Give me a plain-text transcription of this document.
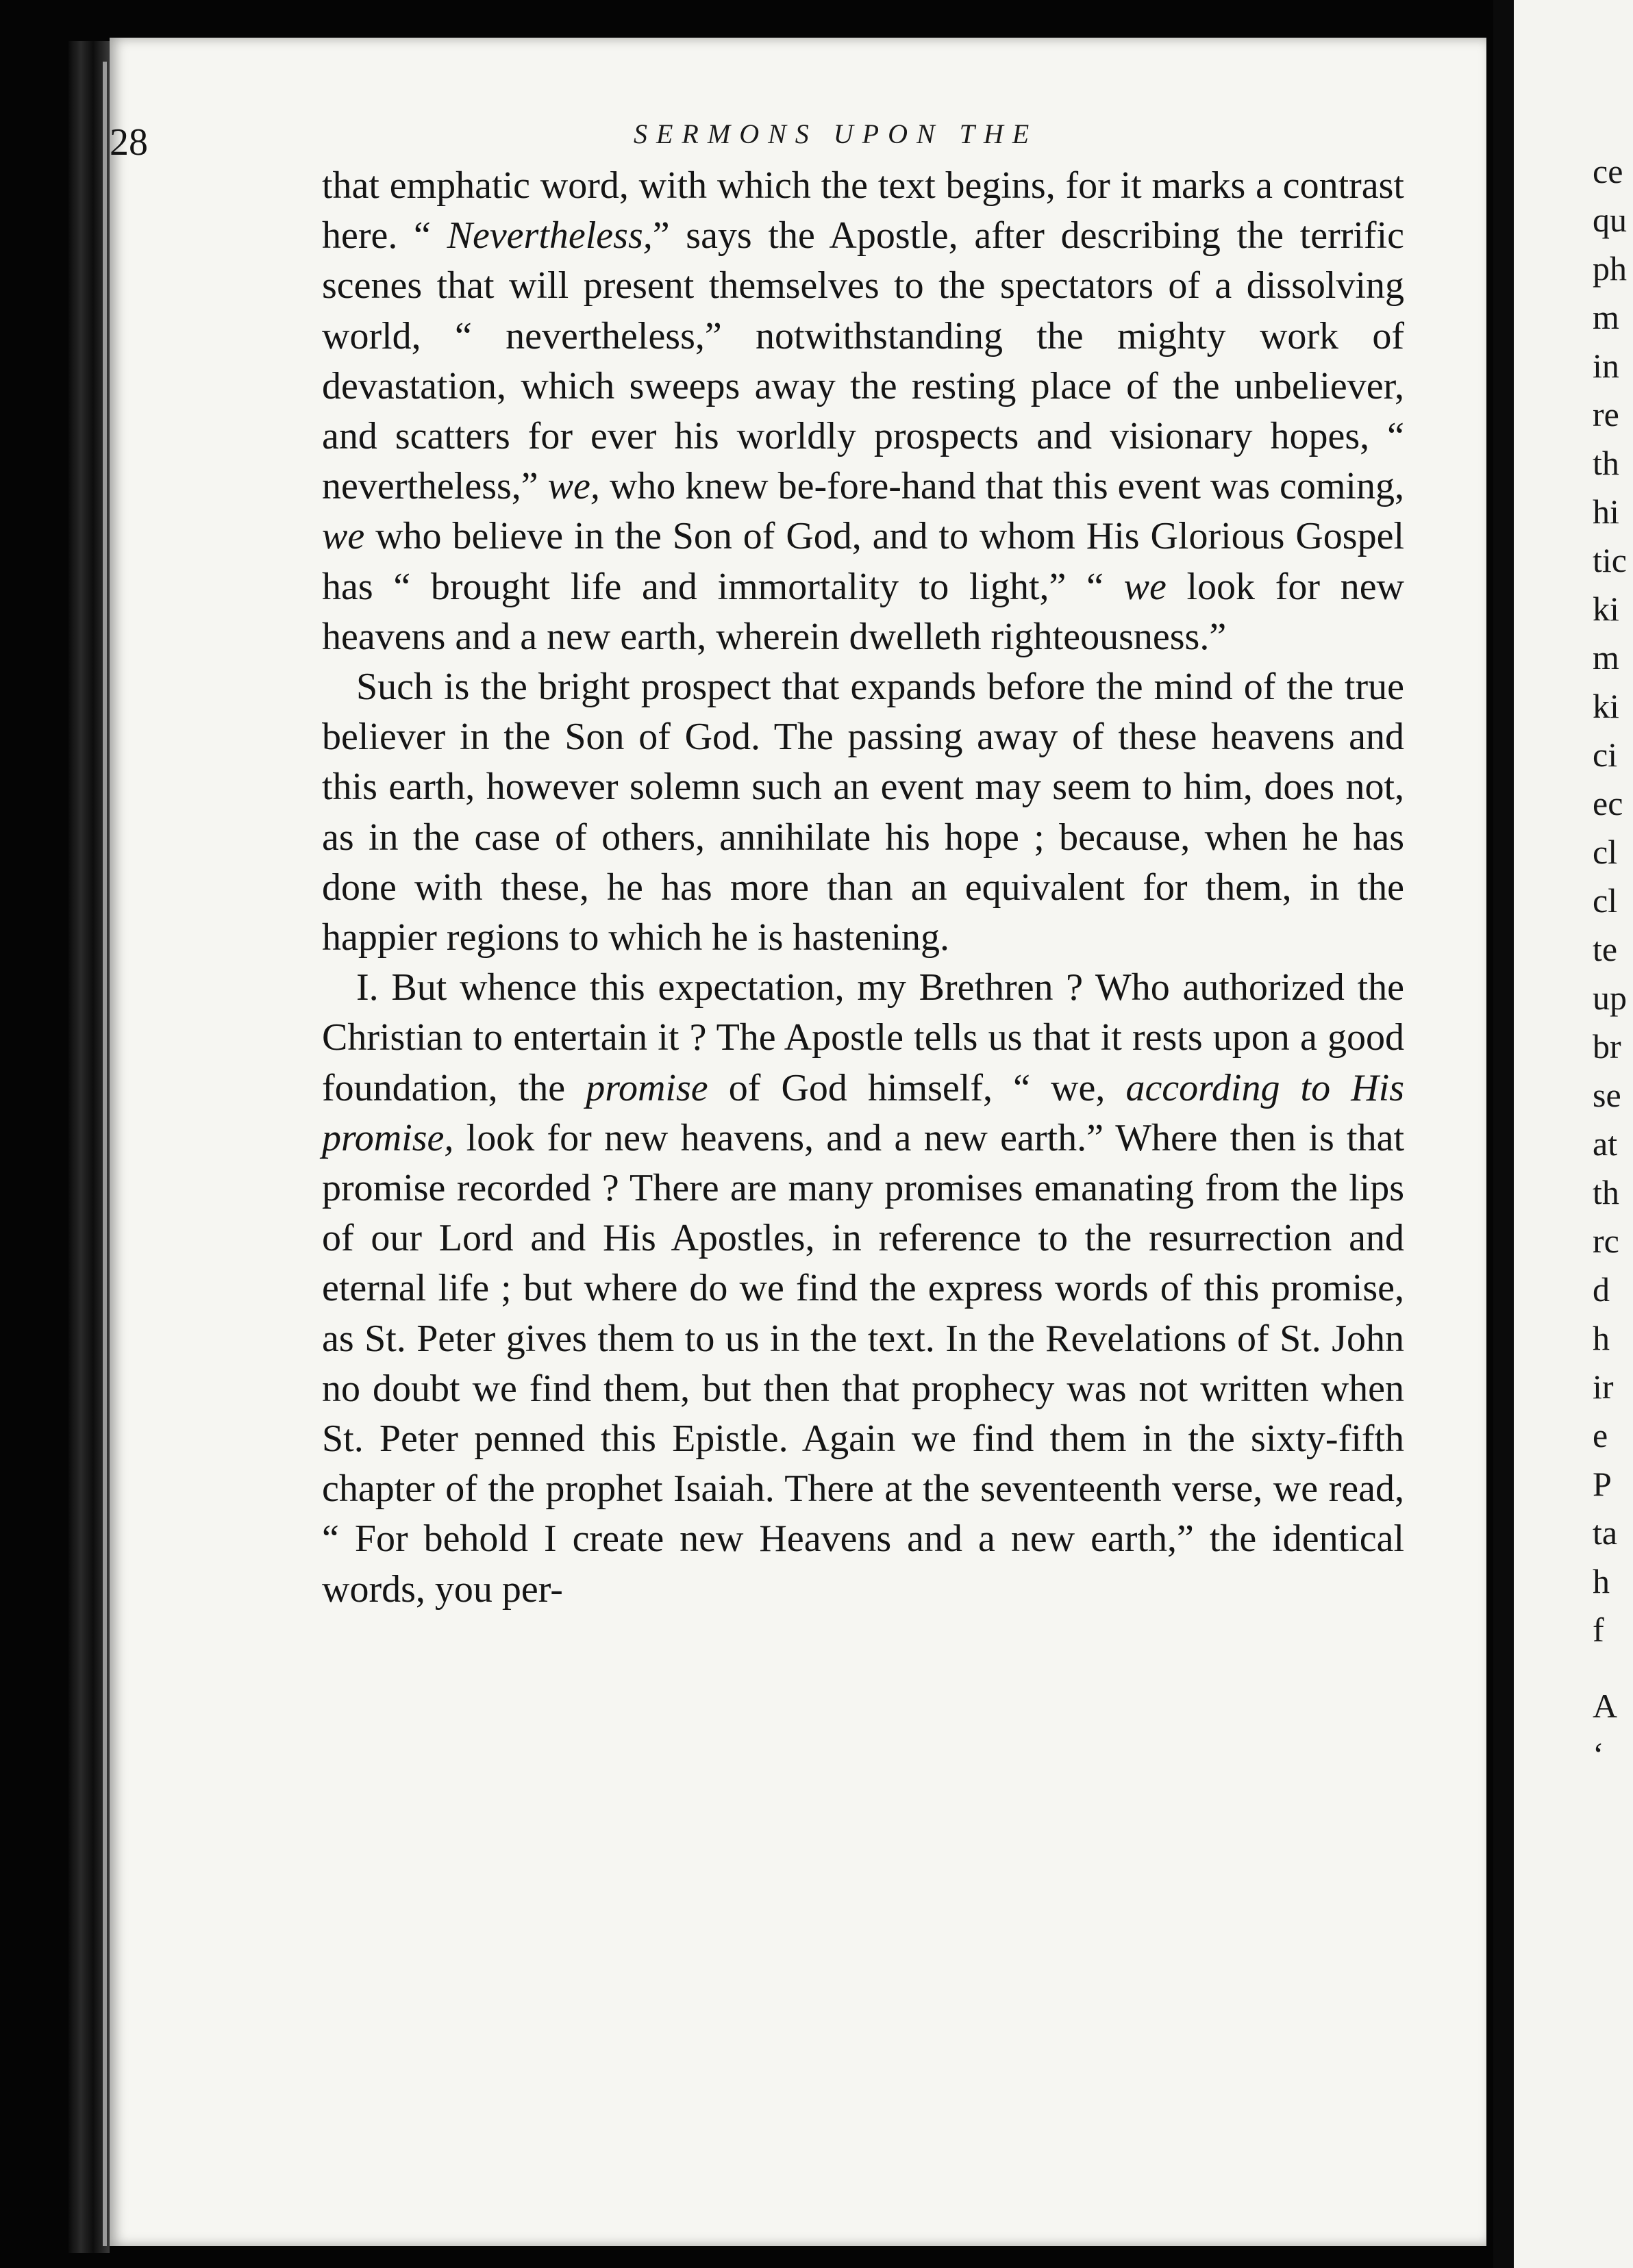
28	SERMONS UPON THE

that emphatic word, with which the text begins, for it marks a contrast here. “ Nevertheless,” says the Apostle, after describing the terrific scenes that will present themselves to the spectators of a dissolving world, “ nevertheless,” notwithstanding the mighty work of devastation, which sweeps away the resting place of the unbeliever, and scatters for ever his worldly prospects and visionary hopes, “ nevertheless,” we, who knew be-fore-hand that this event was coming, we who believe in the Son of God, and to whom His Glorious Gospel has “ brought life and immortality to light,” “ we look for new heavens and a new earth, wherein dwelleth righteousness.”

Such is the bright prospect that expands before the mind of the true believer in the Son of God. The passing away of these heavens and this earth, however solemn such an event may seem to him, does not, as in the case of others, annihilate his hope ; because, when he has done with these, he has more than an equivalent for them, in the happier regions to which he is hastening.

I. But whence this expectation, my Brethren ? Who authorized the Christian to entertain it ? The Apostle tells us that it rests upon a good foundation, the promise of God himself, “ we, according to His promise, look for new heavens, and a new earth.” Where then is that promise recorded ? There are many promises emanating from the lips of our Lord and His Apostles, in reference to the resurrection and eternal life ; but where do we find the express words of this promise, as St. Peter gives them to us in the text. In the Revelations of St. John no doubt we find them, but then that prophecy was not written when St. Peter penned this Epistle. Again we find them in the sixty-fifth chapter of the prophet Isaiah. There at the seventeenth verse, we read, “ For behold I create new Heavens and a new earth,” the identical words, you per-

ce
qu
ph
m
in
re
th
hi
tic
ki
m
ki
ci
ec
cl
cl
te
up
br
se
at
th
rc
d
h
ir
e
P
ta
h
f
A
‘
